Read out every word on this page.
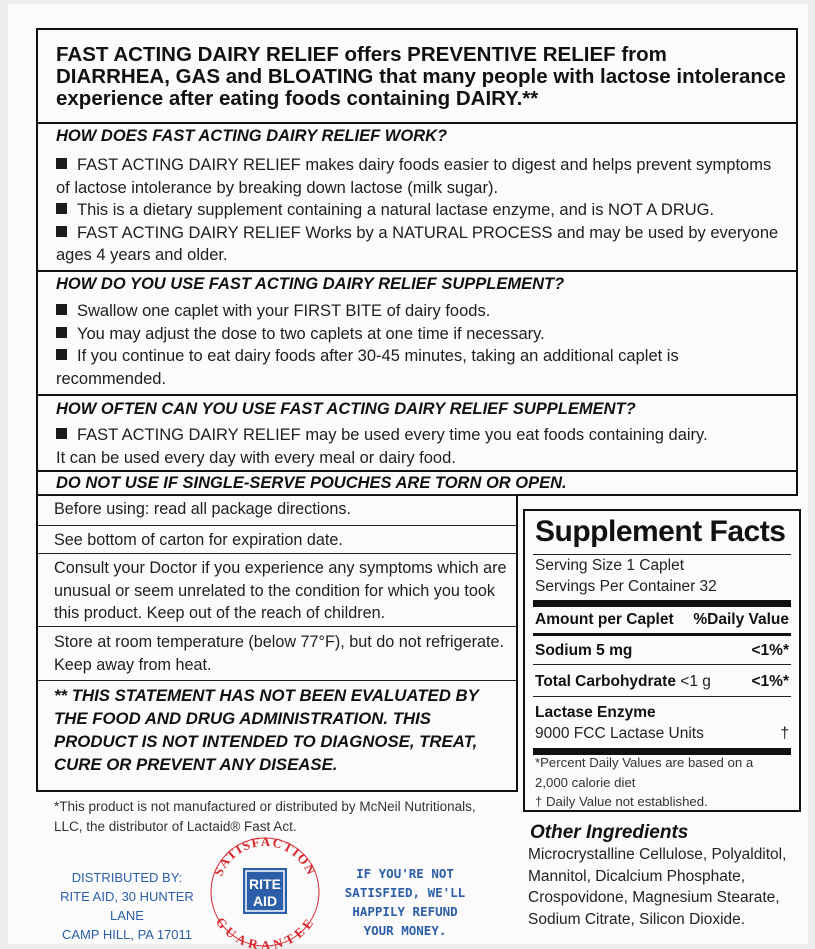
FAST ACTING DAIRY RELIEF offers PREVENTIVE RELIEF from DIARRHEA, GAS and BLOATING that many people with lactose intolerance experience after eating foods containing DAIRY.**
HOW DOES FAST ACTING DAIRY RELIEF WORK?
FAST ACTING DAIRY RELIEF makes dairy foods easier to digest and helps prevent symptoms of lactose intolerance by breaking down lactose (milk sugar).
This is a dietary supplement containing a natural lactase enzyme, and is NOT A DRUG.
FAST ACTING DAIRY RELIEF Works by a NATURAL PROCESS and may be used by everyone ages 4 years and older.
HOW DO YOU USE FAST ACTING DAIRY RELIEF SUPPLEMENT?
Swallow one caplet with your FIRST BITE of dairy foods.
You may adjust the dose to two caplets at one time if necessary.
If you continue to eat dairy foods after 30-45 minutes, taking an additional caplet is recommended.
HOW OFTEN CAN YOU USE FAST ACTING DAIRY RELIEF SUPPLEMENT?
FAST ACTING DAIRY RELIEF may be used every time you eat foods containing dairy.
It can be used every day with every meal or dairy food.
DO NOT USE IF SINGLE-SERVE POUCHES ARE TORN OR OPEN.
Before using: read all package directions.
See bottom of carton for expiration date.
Consult your Doctor if you experience any symptoms which are unusual or seem unrelated to the condition for which you took this product. Keep out of the reach of children.
Store at room temperature (below 77°F), but do not refrigerate. Keep away from heat.
** THIS STATEMENT HAS NOT BEEN EVALUATED BY THE FOOD AND DRUG ADMINISTRATION. THIS PRODUCT IS NOT INTENDED TO DIAGNOSE, TREAT, CURE OR PREVENT ANY DISEASE.
Supplement Facts
Serving Size 1 Caplet
Servings Per Container 32
Amount per Caplet %Daily Value
Sodium 5 mg	<1%*
Total Carbohydrate <1 g	<1%*
Lactase Enzyme
9000 FCC Lactase Units	†
*Percent Daily Values are based on a 2,000 calorie diet
† Daily Value not established.
*This product is not manufactured or distributed by McNeil Nutritionals, LLC, the distributor of Lactaid® Fast Act.	Other Ingredients
Microcrystalline Cellulose, Polyalditol, Mannitol, Dicalcium Phosphate, Crospovidone, Magnesium Stearate, Sodium Citrate, Silicon Dioxide.
DISTRIBUTED BY:
RITE AID, 30 HUNTER LANE
CAMP HILL, PA 17011
SATISFACTION
GUARANTEE
RITE
AID
IF YOU'RE NOT
SATISFIED, WE'LL
HAPPILY REFUND
YOUR MONEY.
